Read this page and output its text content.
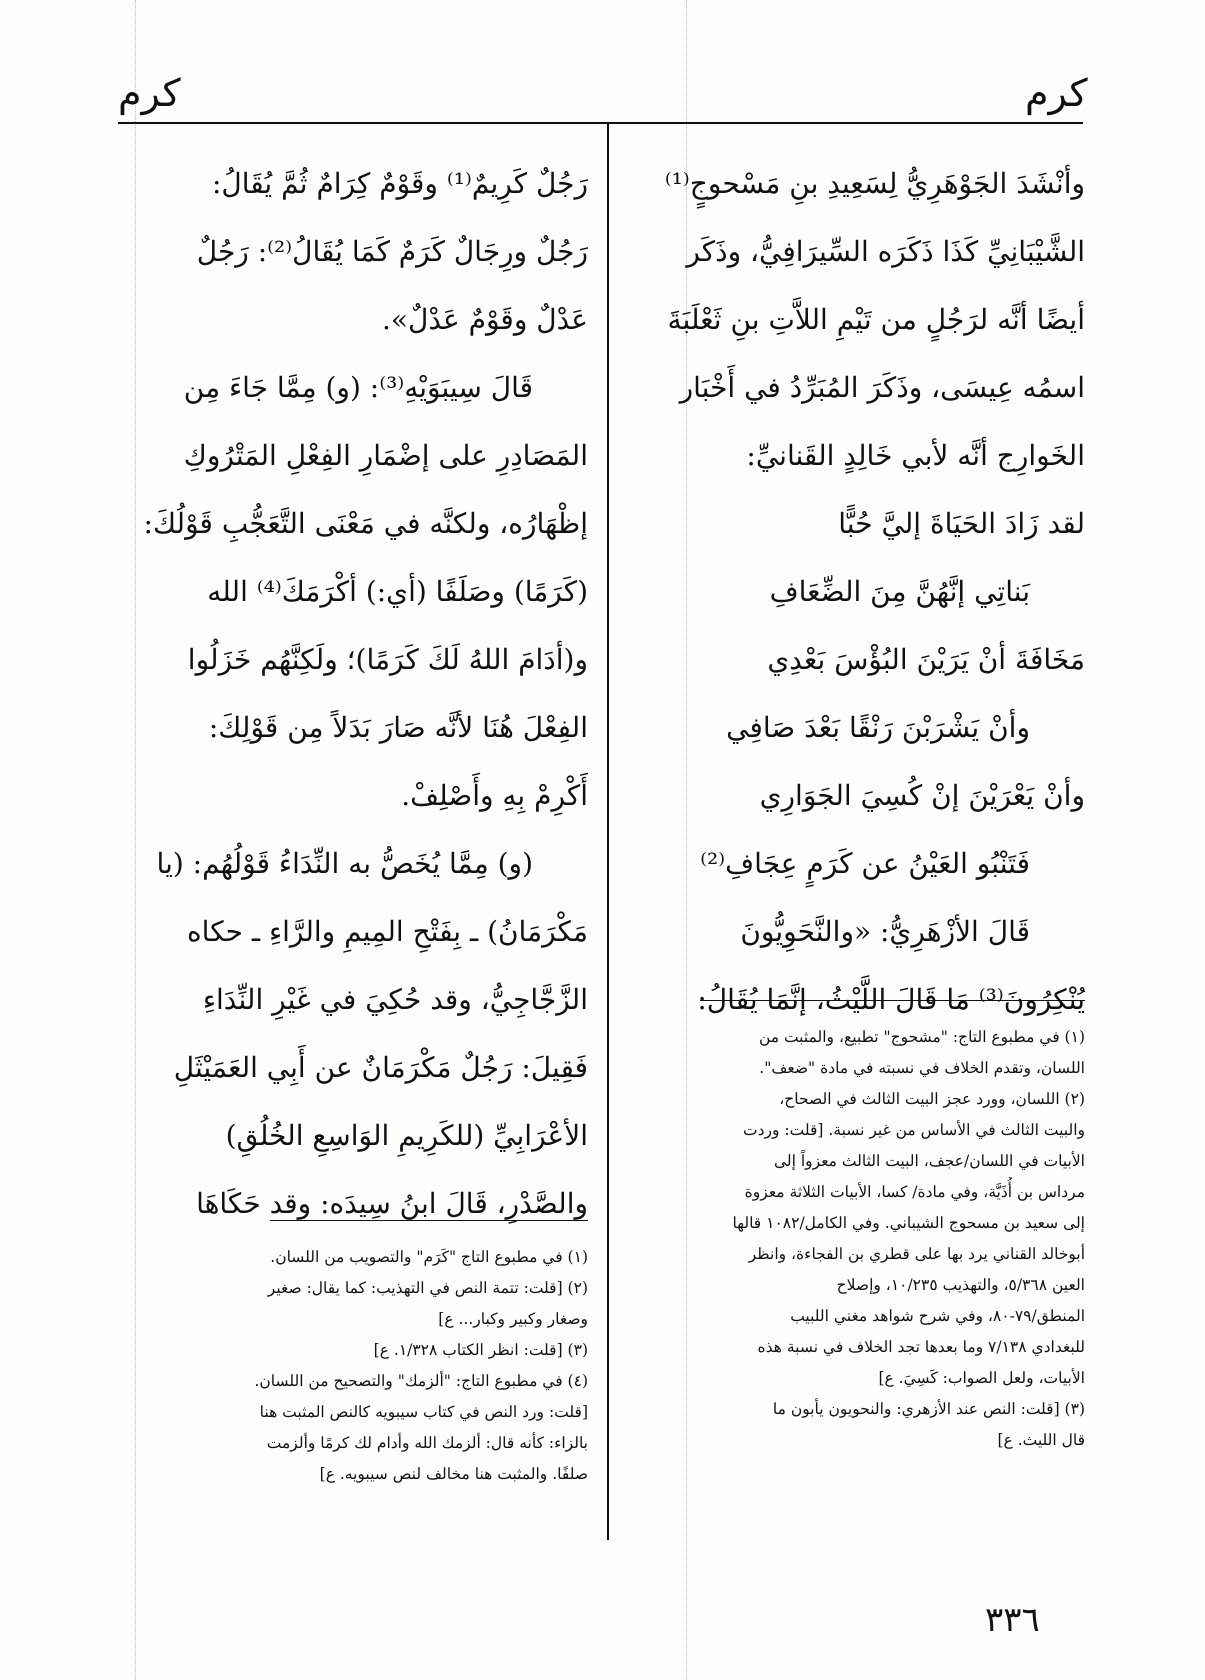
كرم
كرم
وأنْشَدَ الجَوْهَرِيُّ لِسَعِيدِ بنِ مَسْحوجٍ⁽¹⁾
الشَّيْبَانِيِّ كَذَا ذَكَرَه السِّيرَافِيُّ، وذَكَر
أيضًا أنَّه لرَجُلٍ من تَيْمِ اللاَّتِ بنِ ثَعْلَبَةَ
اسمُه عِيسَى، وذَكَرَ المُبَرِّدُ في أَخْبَار
الخَوارِج أنَّه لأبي خَالِدٍ القَنانيِّ:
لقد زَادَ الحَيَاةَ إليَّ حُبًّا
بَناتِي إنَّهُنَّ مِنَ الضِّعَافِ
مَخَافَةَ أنْ يَرَيْنَ البُؤْسَ بَعْدِي
وأنْ يَشْرَبْنَ رَنْقًا بَعْدَ صَافِي
وأنْ يَعْرَيْنَ إنْ كُسِيَ الجَوَارِي
فَتَنْبُو العَيْنُ عن كَرَمٍ عِجَافِ⁽²⁾
قَالَ الأزْهَرِيُّ: «والنَّحَوِيُّونَ
يُنْكِرُونَ⁽³⁾ مَا قَالَ اللَّيْثُ، إنَّمَا يُقَالُ:
(١) في مطبوع التاج: "مشحوج" تطبيع، والمثبت من
اللسان، وتقدم الخلاف في نسبته في مادة "ضعف".
(٢) اللسان، وورد عجز البيت الثالث في الصحاح،
والبيت الثالث في الأساس من غير نسبة. [قلت: وردت
الأبيات في اللسان/عجف، البيت الثالث معزواً إلى
مرداس بن أُذَيَّة، وفي مادة/ كسا، الأبيات الثلاثة معزوة
إلى سعيد بن مسحوج الشيباني. وفي الكامل/١٠٨٢ قالها
أبوخالد القناني يرد بها على قطري بن الفجاءة، وانظر
العين ٥/٣٦٨، والتهذيب ١٠/٢٣٥، وإصلاح
المنطق/٧٩-٨٠، وفي شرح شواهد مغني اللبيب
للبغدادي ٧/١٣٨ وما بعدها تجد الخلاف في نسبة هذه
الأبيات، ولعل الصواب: كَسِيَ. ع]
(٣) [قلت: النص عند الأزهري: والنحويون يأبون ما
قال الليث. ع]
رَجُلٌ كَرِيمٌ⁽¹⁾ وقَوْمٌ كِرَامٌ ثُمَّ يُقَالُ:
رَجُلٌ ورِجَالٌ كَرَمٌ كَمَا يُقَالُ⁽²⁾: رَجُلٌ
عَدْلٌ وقَوْمٌ عَدْلٌ».
قَالَ سِيبَوَيْهِ⁽³⁾: (و) مِمَّا جَاءَ مِن
المَصَادِرِ على إضْمَارِ الفِعْلِ المَتْرُوكِ
إظْهَارُه، ولكنَّه في مَعْنَى التَّعَجُّبِ قَوْلُكَ:
(كَرَمًا) وصَلَفًا (أي:) أكْرَمَكَ⁽⁴⁾ الله
و(أدَامَ اللهُ لَكَ كَرَمًا)؛ ولَكِنَّهُم خَزَلُوا
الفِعْلَ هُنَا لأنَّه صَارَ بَدَلاً مِن قَوْلِكَ:
أَكْرِمْ بِهِ وأَصْلِفْ.
(و) مِمَّا يُخَصُّ به النِّدَاءُ قَوْلُهُم: (يا
مَكْرَمَانُ) ـ بِفَتْحِ المِيمِ والرَّاءِ ـ حكاه
الزَّجَّاجِيُّ، وقد حُكِيَ في غَيْرِ النِّدَاءِ
فَقِيلَ: رَجُلٌ مَكْرَمَانٌ عن أَبِي العَمَيْثَلِ
الأعْرَابِيِّ (للكَرِيمِ الوَاسِعِ الخُلُقِ)
والصَّدْرِ، قَالَ ابنُ سِيدَه: وقد حَكَاهَا
(١) في مطبوع التاج "كَرَم" والتصويب من اللسان.
(٢) [قلت: تتمة النص في التهذيب: كما يقال: صغير
وصغار وكبير وكبار... ع]
(٣) [قلت: انظر الكتاب ١/٣٢٨. ع]
(٤) في مطبوع التاج: "ألزمك" والتصحيح من اللسان.
[قلت: ورد النص في كتاب سيبويه كالنص المثبت هنا
بالزاء: كأنه قال: ألزمك الله وأدام لك كرمًا وألزمت
صلفًا. والمثبت هنا مخالف لنص سيبويه. ع]
٣٣٦
